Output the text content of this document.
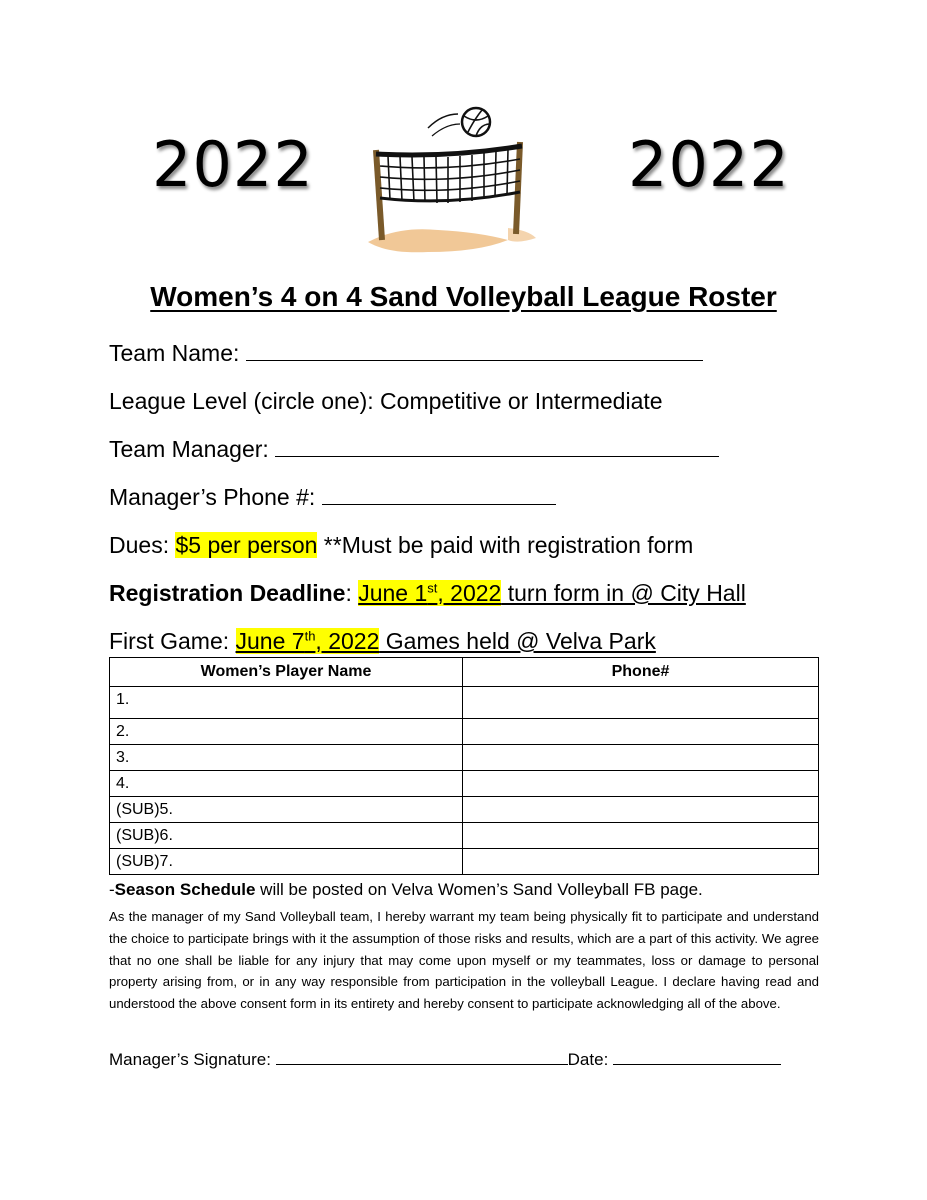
2022	2022
Women’s 4 on 4 Sand Volleyball League Roster
Team Name:
League Level (circle one): Competitive or Intermediate
Team Manager:
Manager’s Phone #:
Dues: $5 per person **Must be paid with registration form
Registration Deadline: June 1st, 2022 turn form in @ City Hall
First Game: June 7th, 2022 Games held @ Velva Park
Women’s Player Name	Phone#
1.	
2.	
3.	
4.	
(SUB)5.	
(SUB)6.	
(SUB)7.	
-Season Schedule will be posted on Velva Women’s Sand Volleyball FB page.
As the manager of my Sand Volleyball team, I hereby warrant my team being physically fit to participate and understand the choice to participate brings with it the assumption of those risks and results, which are a part of this activity. We agree that no one shall be liable for any injury that may come upon myself or my teammates, loss or damage to personal property arising from, or in any way responsible from participation in the volleyball League. I declare having read and understood the above consent form in its entirety and hereby consent to participate acknowledging all of the above.
Manager’s Signature:	Date:
